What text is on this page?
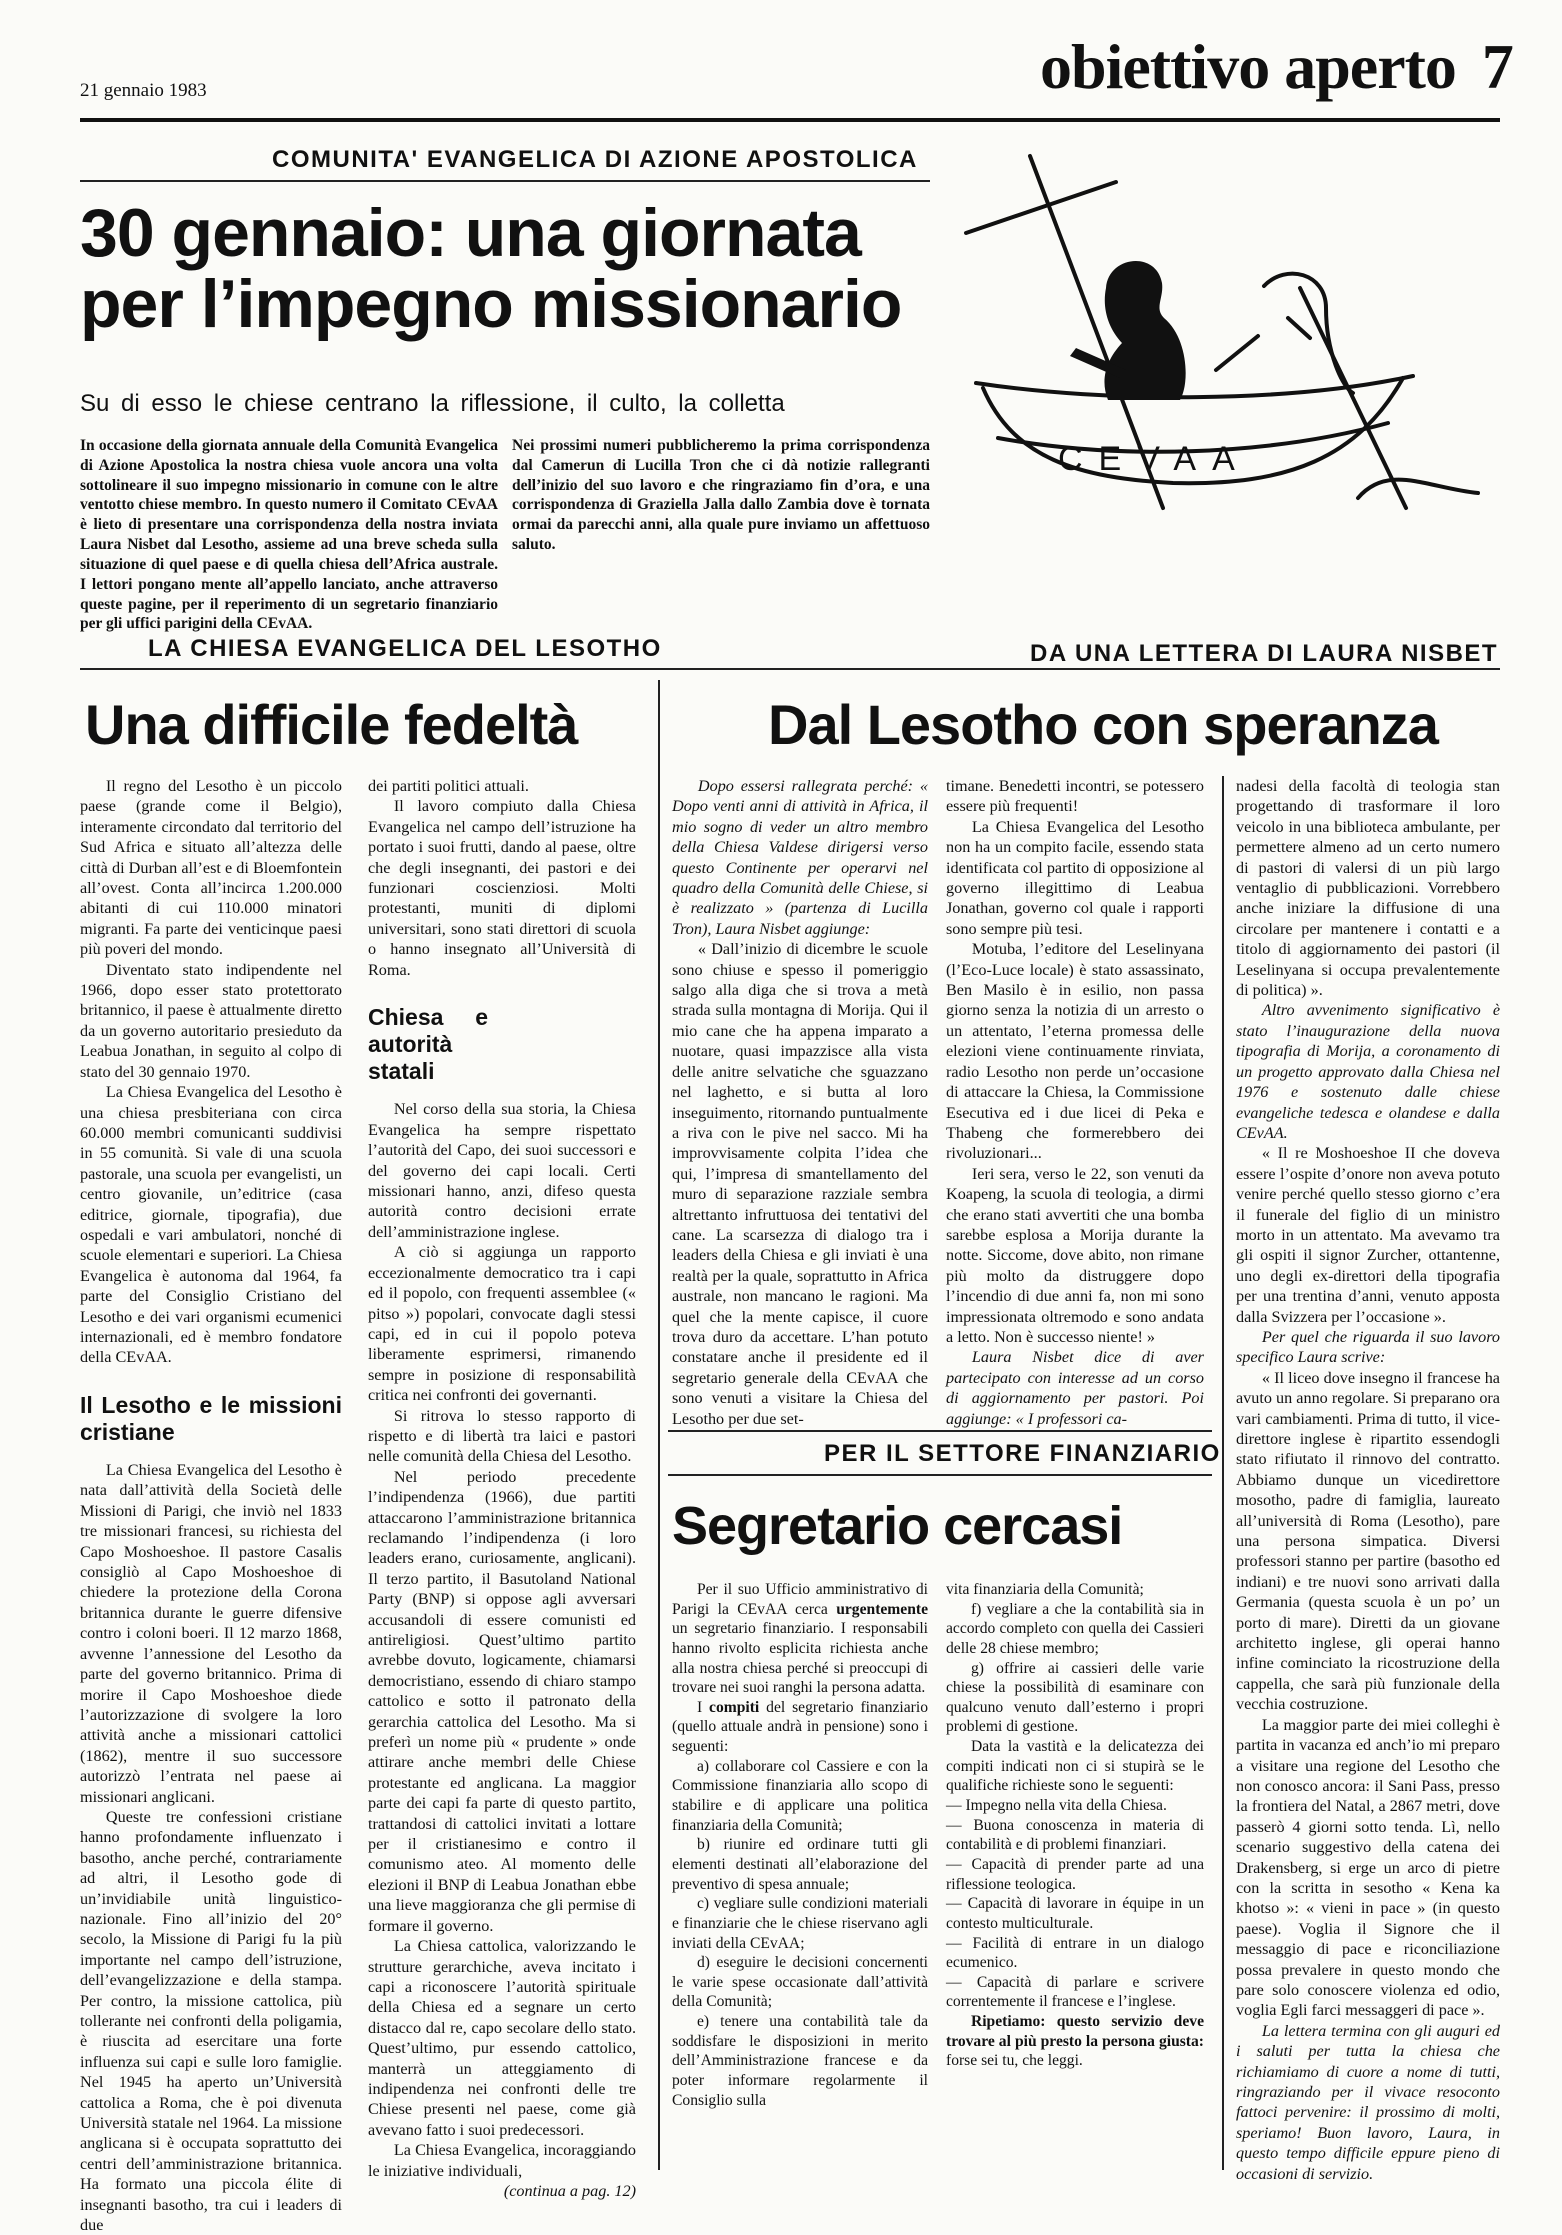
21 gennaio 1983	obiettivo aperto 7
COMUNITA' EVANGELICA DI AZIONE APOSTOLICA
30 gennaio: una giornata
per l’impegno missionario
Su di esso le chiese centrano la riflessione, il culto, la colletta
In occasione della giornata annuale della Comunità Evangelica di Azione Apostolica la nostra chiesa vuole ancora una volta sottolineare il suo impegno missionario in comune con le altre ventotto chiese membro. In questo numero il Comitato CEvAA è lieto di presentare una corrispondenza della nostra inviata Laura Nisbet dal Lesotho, assieme ad una breve scheda sulla situazione di quel paese e di quella chiesa dell’Africa australe. I lettori pongano mente all’appello lanciato, anche attraverso queste pagine, per il reperimento di un segretario finanziario per gli uffici parigini della CEvAA.
Nei prossimi numeri pubblicheremo la prima corrispondenza dal Camerun di Lucilla Tron che ci dà notizie rallegranti dell’inizio del suo lavoro e che ringraziamo fin d’ora, e una corrispondenza di Graziella Jalla dallo Zambia dove è tornata ormai da parecchi anni, alla quale pure inviamo un affettuoso saluto.
CEVAA
LA CHIESA EVANGELICA DEL LESOTHO
Una difficile fedeltà

Il regno del Lesotho è un piccolo paese (grande come il Belgio), interamente circondato dal territorio del Sud Africa e situato all’altezza delle città di Durban all’est e di Bloemfontein all’ovest. Conta all’incirca 1.200.000 abitanti di cui 110.000 minatori migranti. Fa parte dei venticinque paesi più poveri del mondo.

Diventato stato indipendente nel 1966, dopo esser stato protettorato britannico, il paese è attualmente diretto da un governo autoritario presieduto da Leabua Jonathan, in seguito al colpo di stato del 30 gennaio 1970.

La Chiesa Evangelica del Lesotho è una chiesa presbiteriana con circa 60.000 membri comunicanti suddivisi in 55 comunità. Si vale di una scuola pastorale, una scuola per evangelisti, un centro giovanile, un’editrice (casa editrice, giornale, tipografia), due ospedali e vari ambulatori, nonché di scuole elementari e superiori. La Chiesa Evangelica è autonoma dal 1964, fa parte del Consiglio Cristiano del Lesotho e dei vari organismi ecumenici internazionali, ed è membro fondatore della CEvAA.

Il Lesotho e le missioni cristiane

La Chiesa Evangelica del Lesotho è nata dall’attività della Società delle Missioni di Parigi, che inviò nel 1833 tre missionari francesi, su richiesta del Capo Moshoeshoe. Il pastore Casalis consigliò al Capo Moshoeshoe di chiedere la protezione della Corona britannica durante le guerre difensive contro i coloni boeri. Il 12 marzo 1868, avvenne l’annessione del Lesotho da parte del governo britannico. Prima di morire il Capo Moshoeshoe diede l’autorizzazione di svolgere la loro attività anche a missionari cattolici (1862), mentre il suo successore autorizzò l’entrata nel paese ai missionari anglicani.

Queste tre confessioni cristiane hanno profondamente influenzato i basotho, anche perché, contrariamente ad altri, il Lesotho gode di un’invidiabile unità linguistico-nazionale. Fino all’inizio del 20° secolo, la Missione di Parigi fu la più importante nel campo dell’istruzione, dell’evangelizzazione e della stampa. Per contro, la missione cattolica, più tollerante nei confronti della poligamia, è riuscita ad esercitare una forte influenza sui capi e sulle loro famiglie. Nel 1945 ha aperto un’Università cattolica a Roma, che è poi divenuta Università statale nel 1964. La missione anglicana si è occupata soprattutto dei centri dell’amministrazione britannica. Ha formato una piccola élite di insegnanti basotho, tra cui i leaders di due

dei partiti politici attuali.

Il lavoro compiuto dalla Chiesa Evangelica nel campo dell’istruzione ha portato i suoi frutti, dando al paese, oltre che degli insegnanti, dei pastori e dei funzionari coscienziosi. Molti protestanti, muniti di diplomi universitari, sono stati direttori di scuola o hanno insegnato all’Università di Roma.

Chiesa e autorità statali

Nel corso della sua storia, la Chiesa Evangelica ha sempre rispettato l’autorità del Capo, dei suoi successori e del governo dei capi locali. Certi missionari hanno, anzi, difeso questa autorità contro decisioni errate dell’amministrazione inglese.

A ciò si aggiunga un rapporto eccezionalmente democratico tra i capi ed il popolo, con frequenti assemblee (« pitso ») popolari, convocate dagli stessi capi, ed in cui il popolo poteva liberamente esprimersi, rimanendo sempre in posizione di responsabilità critica nei confronti dei governanti.

Si ritrova lo stesso rapporto di rispetto e di libertà tra laici e pastori nelle comunità della Chiesa del Lesotho.

Nel periodo precedente l’indipendenza (1966), due partiti attaccarono l’amministrazione britannica reclamando l’indipendenza (i loro leaders erano, curiosamente, anglicani). Il terzo partito, il Basutoland National Party (BNP) si oppose agli avversari accusandoli di essere comunisti ed antireligiosi. Quest’ultimo partito avrebbe dovuto, logicamente, chiamarsi democristiano, essendo di chiaro stampo cattolico e sotto il patronato della gerarchia cattolica del Lesotho. Ma si preferì un nome più « prudente » onde attirare anche membri delle Chiese protestante ed anglicana. La maggior parte dei capi fa parte di questo partito, trattandosi di cattolici invitati a lottare per il cristianesimo e contro il comunismo ateo. Al momento delle elezioni il BNP di Leabua Jonathan ebbe una lieve maggioranza che gli permise di formare il governo.

La Chiesa cattolica, valorizzando le strutture gerarchiche, aveva incitato i capi a riconoscere l’autorità spirituale della Chiesa ed a segnare un certo distacco dal re, capo secolare dello stato. Quest’ultimo, pur essendo cattolico, manterrà un atteggiamento di indipendenza nei confronti delle tre Chiese presenti nel paese, come già avevano fatto i suoi predecessori.

La Chiesa Evangelica, incoraggiando le iniziative individuali,

(continua a pag. 12)

DA UNA LETTERA DI LAURA NISBET
Dal Lesotho con speranza

Dopo essersi rallegrata perché: « Dopo venti anni di attività in Africa, il mio sogno di veder un altro membro della Chiesa Valdese dirigersi verso questo Continente per operarvi nel quadro della Comunità delle Chiese, si è realizzato » (partenza di Lucilla Tron), Laura Nisbet aggiunge:

« Dall’inizio di dicembre le scuole sono chiuse e spesso il pomeriggio salgo alla diga che si trova a metà strada sulla montagna di Morija. Qui il mio cane che ha appena imparato a nuotare, quasi impazzisce alla vista delle anitre selvatiche che sguazzano nel laghetto, e si butta al loro inseguimento, ritornando puntualmente a riva con le pive nel sacco. Mi ha improvvisamente colpita l’idea che qui, l’impresa di smantellamento del muro di separazione razziale sembra altrettanto infruttuosa dei tentativi del cane. La scarsezza di dialogo tra i leaders della Chiesa e gli inviati è una realtà per la quale, soprattutto in Africa australe, non mancano le ragioni. Ma quel che la mente capisce, il cuore trova duro da accettare. L’han potuto constatare anche il presidente ed il segretario generale della CEvAA che sono venuti a visitare la Chiesa del Lesotho per due set-

timane. Benedetti incontri, se potessero essere più frequenti!

La Chiesa Evangelica del Lesotho non ha un compito facile, essendo stata identificata col partito di opposizione al governo illegittimo di Leabua Jonathan, governo col quale i rapporti sono sempre più tesi.

Motuba, l’editore del Leselinyana (l’Eco-Luce locale) è stato assassinato, Ben Masilo è in esilio, non passa giorno senza la notizia di un arresto o un attentato, l’eterna promessa delle elezioni viene continuamente rinviata, radio Lesotho non perde un’occasione di attaccare la Chiesa, la Commissione Esecutiva ed i due licei di Peka e Thabeng che formerebbero dei rivoluzionari...

Ieri sera, verso le 22, son venuti da Koapeng, la scuola di teologia, a dirmi che erano stati avvertiti che una bomba sarebbe esplosa a Morija durante la notte. Siccome, dove abito, non rimane più molto da distruggere dopo l’incendio di due anni fa, non mi sono impressionata oltremodo e sono andata a letto. Non è successo niente! »

Laura Nisbet dice di aver partecipato con interesse ad un corso di aggiornamento per pastori. Poi aggiunge: « I professori ca-

nadesi della facoltà di teologia stan progettando di trasformare il loro veicolo in una biblioteca ambulante, per permettere almeno ad un certo numero di pastori di valersi di un più largo ventaglio di pubblicazioni. Vorrebbero anche iniziare la diffusione di una circolare per mantenere i contatti e a titolo di aggiornamento dei pastori (il Leselinyana si occupa prevalentemente di politica) ».

Altro avvenimento significativo è stato l’inaugurazione della nuova tipografia di Morija, a coronamento di un progetto approvato dalla Chiesa nel 1976 e sostenuto dalle chiese evangeliche tedesca e olandese e dalla CEvAA.

« Il re Moshoeshoe II che doveva essere l’ospite d’onore non aveva potuto venire perché quello stesso giorno c’era il funerale del figlio di un ministro morto in un attentato. Ma avevamo tra gli ospiti il signor Zurcher, ottantenne, uno degli ex-direttori della tipografia per una trentina d’anni, venuto apposta dalla Svizzera per l’occasione ».

Per quel che riguarda il suo lavoro specifico Laura scrive:

« Il liceo dove insegno il francese ha avuto un anno regolare. Si preparano ora vari cambiamenti. Prima di tutto, il vice-direttore inglese è ripartito essendogli stato rifiutato il rinnovo del contratto. Abbiamo dunque un vicedirettore mosotho, padre di famiglia, laureato all’università di Roma (Lesotho), pare una persona simpatica. Diversi professori stanno per partire (basotho ed indiani) e tre nuovi sono arrivati dalla Germania (questa scuola è un po’ un porto di mare). Diretti da un giovane architetto inglese, gli operai hanno infine cominciato la ricostruzione della cappella, che sarà più funzionale della vecchia costruzione.

La maggior parte dei miei colleghi è partita in vacanza ed anch’io mi preparo a visitare una regione del Lesotho che non conosco ancora: il Sani Pass, presso la frontiera del Natal, a 2867 metri, dove passerò 4 giorni sotto tenda. Lì, nello scenario suggestivo della catena dei Drakensberg, si erge un arco di pietre con la scritta in sesotho « Kena ka khotso »: « vieni in pace » (in questo paese). Voglia il Signore che il messaggio di pace e riconciliazione possa prevalere in questo mondo che pare solo conoscere violenza ed odio, voglia Egli farci messaggeri di pace ».

La lettera termina con gli auguri ed i saluti per tutta la chiesa che richiamiamo di cuore a nome di tutti, ringraziando per il vivace resoconto fattoci pervenire: il prossimo di molti, speriamo! Buon lavoro, Laura, in questo tempo difficile eppure pieno di occasioni di servizio.

PER IL SETTORE FINANZIARIO
Segretario cercasi

Per il suo Ufficio amministrativo di Parigi la CEvAA cerca urgentemente un segretario finanziario. I responsabili hanno rivolto esplicita richiesta anche alla nostra chiesa perché si preoccupi di trovare nei suoi ranghi la persona adatta.

I compiti del segretario finanziario (quello attuale andrà in pensione) sono i seguenti:

a) collaborare col Cassiere e con la Commissione finanziaria allo scopo di stabilire e di applicare una politica finanziaria della Comunità;

b) riunire ed ordinare tutti gli elementi destinati all’elaborazione del preventivo di spesa annuale;

c) vegliare sulle condizioni materiali e finanziarie che le chiese riservano agli inviati della CEvAA;

d) eseguire le decisioni concernenti le varie spese occasionate dall’attività della Comunità;

e) tenere una contabilità tale da soddisfare le disposizioni in merito dell’Amministrazione francese e da poter informare regolarmente il Consiglio sulla

vita finanziaria della Comunità;

f) vegliare a che la contabilità sia in accordo completo con quella dei Cassieri delle 28 chiese membro;

g) offrire ai cassieri delle varie chiese la possibilità di esaminare con qualcuno venuto dall’esterno i propri problemi di gestione.

Data la vastità e la delicatezza dei compiti indicati non ci si stupirà se le qualifiche richieste sono le seguenti:

— Impegno nella vita della Chiesa.

— Buona conoscenza in materia di contabilità e di problemi finanziari.

— Capacità di prender parte ad una riflessione teologica.

— Capacità di lavorare in équipe in un contesto multiculturale.

— Facilità di entrare in un dialogo ecumenico.

— Capacità di parlare e scrivere correntemente il francese e l’inglese.

Ripetiamo: questo servizio deve trovare al più presto la persona giusta: forse sei tu, che leggi.
